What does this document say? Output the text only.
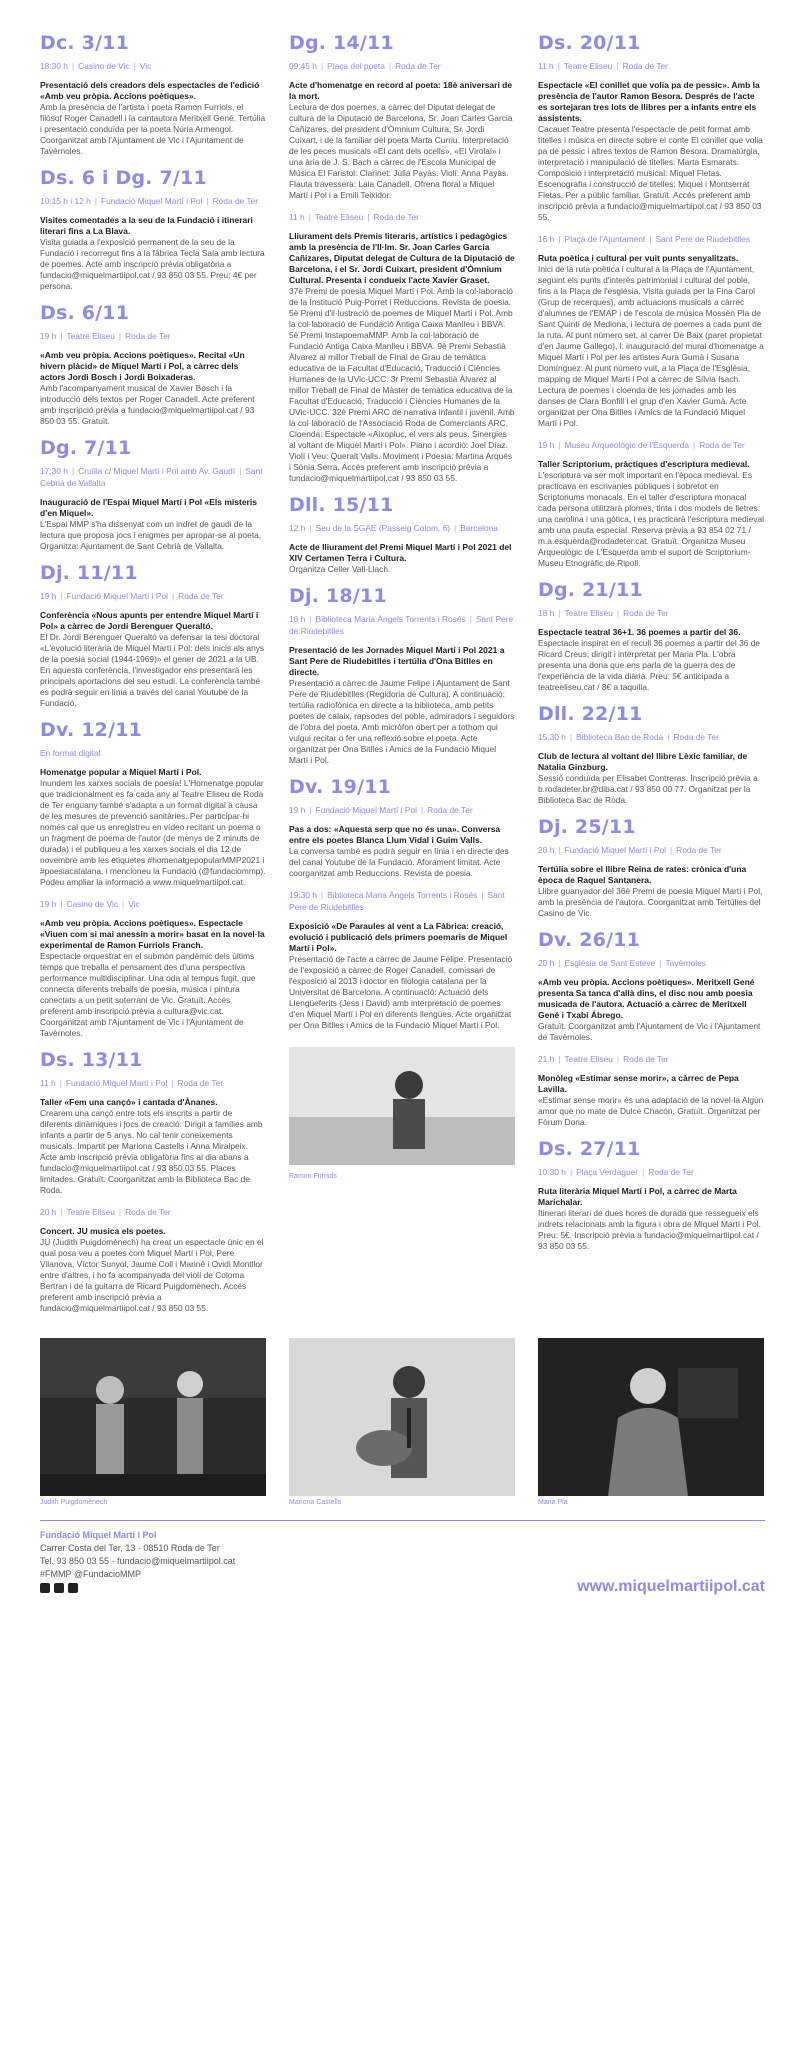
Dc. 3/11
18:30 h | Casino de Vic | Vic

Presentació dels creadors dels espectacles de l'edició «Amb veu pròpia. Accions poètiques».

Amb la presència de l'artista i poeta Ramon Furriols, el filòsof Roger Canadell i la cantautora Meritxell Gené. Tertúlia i presentació conduïda per la poeta Núria Armengol. Coorganitzat amb l'Ajuntament de Vic i l'Ajuntament de Tavèrnoles.

Ds. 6 i Dg. 7/11
10:15 h i 12 h | Fundació Miquel Martí i Pol | Roda de Ter

Visites comentades a la seu de la Fundació i itinerari literari fins a La Blava.

Visita guiada a l'exposició permanent de la seu de la Fundació i recorregut fins a la fàbrica Tecla Sala amb lectura de poemes. Acte amb inscripció prèvia obligatòria a fundacio@miquelmartiipol.cat / 93 850 03 55. Preu: 4€ per persona.

Ds. 6/11
19 h | Teatre Eliseu | Roda de Ter

«Amb veu pròpia. Accions poètiques». Recital «Un hivern plàcid» de Miquel Martí i Pol, a càrrec dels actors Jordi Bosch i Jordi Boixaderas.

Amb l'acompanyament musical de Xavier Bosch i la introducció dels textos per Roger Canadell. Acte preferent amb inscripció prèvia a fundacio@miquelmartiipol.cat / 93 850 03 55. Gratuït.

Dg. 7/11
17:30 h | Cruïlla c/ Miquel Martí i Pol amb Av. Gaudí | Sant Cebrià de Vallalta

Inauguració de l'Espai Miquel Martí i Pol «Els misteris d'en Miquel».

L'Espai MMP s'ha dissenyat com un indret de gaudi de la lectura que proposa jocs i enigmes per apropar-se al poeta. Organitza: Ajuntament de Sant Cebrià de Vallalta.

Dj. 11/11
19 h | Fundació Miquel Martí i Pol | Roda de Ter

Conferència «Nous apunts per entendre Miquel Martí i Pol» a càrrec de Jordi Berenguer Queraltó.

El Dr. Jordi Berenguer Queraltó va defensar la tesi doctoral «L'evolució literària de Miquel Martí i Pol: dels inicis als anys de la poesia social (1944-1969)» el gener de 2021 a la UB. En aquesta conferència, l'investigador ens presentarà les principals aportacions del seu estudi. La conferència també es podrà seguir en línia a través del canal Youtube de la Fundació.

Dv. 12/11
En format digital

Homenatge popular a Miquel Martí i Pol.

Inundem les xarxes socials de poesia! L'Homenatge popular que tradicionalment es fa cada any al Teatre Eliseu de Roda de Ter enguany també s'adapta a un format digital a causa de les mesures de prevenció sanitàries. Per participar-hi només cal que us enregistreu en vídeo recitant un poema o un fragment de poema de l'autor (de menys de 2 minuts de durada) i el publiqueu a les xarxes socials el dia 12 de novembre amb les etiquetes #homenatgepopularMMP2021 i #poesiacatalana, i mencioneu la Fundació (@fundaciommp). Podeu ampliar la informació a www.miquelmartiipol.cat.

19 h | Casino de Vic | Vic

«Amb veu pròpia. Accions poètiques». Espectacle «Viuen com si mai anessin a morir» basat en la novel·la experimental de Ramon Furriols Franch.

Espectacle orquestrat en el submón pandèmic dels últims temps que treballa el pensament des d'una perspectiva performance multidisciplinar. Una oda al tempus fugit, que connecta diferents treballs de poesia, música i pintura conectats a un petit soterrani de Vic. Gratuït. Accés preferent amb inscripció prèvia a cultura@vic.cat. Coorganitzat amb l'Ajuntament de Vic i l'Ajuntament de Tavèrnoles.

Ds. 13/11
11 h | Fundació Miquel Martí i Pol | Roda de Ter

Taller «Fem una cançó» i cantada d'Ànanes.

Crearem una cançó entre tots els inscrits a partir de diferents dinàmiques i jocs de creació. Dirigit a famílies amb infants a partir de 5 anys. No cal tenir coneixements musicals. Impartit per Mariona Castells i Anna Miralpeix. Acte amb inscripció prèvia obligatòria fins al dia abans a fundacio@miquelmartiipol.cat / 93 850 03 55. Places limitades. Gratuït. Coorganitzat amb la Biblioteca Bac de Roda.

20 h | Teatre Eliseu | Roda de Ter

Concert. JU musica els poetes.

JU (Judith Puigdomènech) ha creat un espectacle únic en el qual posa veu a poetes com Miquel Martí i Pol, Pere Vilanova, Víctor Sunyol, Jaume Coll i Mariné i Ovidi Montllor entre d'altres, i ho fa acompanyada del violí de Coloma Bertran i de la guitarra de Ricard Puigdomènech. Accés preferent amb inscripció prèvia a fundacio@miquelmartiipol.cat / 93 850 03 55.

Dg. 14/11
09:45 h | Plaça del poeta | Roda de Ter

Acte d'homenatge en record al poeta: 18è aniversari de la mort.

Lectura de dos poemes, a càrrec del Diputat delegat de cultura de la Diputació de Barcelona, Sr. Joan Carles Garcia Cañizares, del president d'Òmnium Cultura, Sr. Jordi Cuixart, i de la familiar del poeta Marta Curriu. Interpretació de les peces musicals «El cant dels ocells», «El Virolai» i una ària de J. S. Bach a càrrec de l'Escola Municipal de Música El Faristol: Clarinet: Júlia Payàs. Violí: Anna Payàs. Flauta travessera: Laia Canadell. Ofrena floral a Miquel Martí i Pol i a Emili Teixidor.

11 h | Teatre Eliseu | Roda de Ter

Lliurament dels Premis literaris, artístics i pedagògics amb la presència de l'Il·lm. Sr. Joan Carles Garcia Cañizares, Diputat delegat de Cultura de la Diputació de Barcelona, i el Sr. Jordi Cuixart, president d'Òmnium Cultural. Presenta i condueix l'acte Xavier Graset.

37è Premi de poesia Miquel Martí i Pol. Amb la col·laboració de la Institució Puig-Porret i Reduccions. Revista de poesia. 5è Premi d'il·lustració de poemes de Miquel Martí i Pol. Amb la col·laboració de Fundació Antiga Caixa Manlleu i BBVA. 5è Premi InstapoemaMMP. Amb la col·laboració de Fundació Antiga Caixa Manlleu i BBVA. 9è Premi Sebastià Àlvarez al millor Treball de Final de Grau de temàtica educativa de la Facultat d'Educació, Traducció i Ciències Humanes de la UVic-UCC. 3r Premi Sebastià Àlvarez al millor Treball de Final de Màster de temàtica educativa de la Facultat d'Educació, Traducció i Ciències Humanes de la UVic-UCC. 32è Premi ARC de narrativa infantil i juvenil. Amb la col·laboració de l'Associació Roda de Comerciants ARC. Cloenda: Espectacle «Aixopluc, el vers als peus. Sinergies al voltant de Miquel Martí i Pol». Piano i acordió: Joel Díaz. Violí i Veu: Queralt Valls. Moviment i Poesia: Martina Arqués i Sònia Serra. Accés preferent amb inscripció prèvia a fundacio@miquelmartiipol.cat / 93 850 03 55.

Dll. 15/11
12 h | Seu de la SGAE (Passeig Colom, 6) | Barcelona

Acte de lliurament del Premi Miquel Martí i Pol 2021 del XIV Certamen Terra i Cultura.

Organitza Celler Vall-Llach.

Dj. 18/11
18 h | Biblioteca Maria Àngels Torrents i Rosés | Sant Pere de Riudebitlles

Presentació de les Jornades Miquel Martí i Pol 2021 a Sant Pere de Riudebitlles i tertúlia d'Ona Bitlles en directe.

Presentació a càrrec de Jaume Felipe i Ajuntament de Sant Pere de Riudebitlles (Regidoria de Cultura). A continuació: tertúlia radiofònica en directe a la biblioteca, amb petits poetes de calaix, rapsodes del poble, admiradors i seguidors de l'obra del poeta. Amb micròfon obert per a tothom qui vulgui recitar o fer una reflexió sobre el poeta. Acte organitzat per Ona Bitlles i Amics de la Fundació Miquel Martí i Pol.

Dv. 19/11
19 h | Fundació Miquel Martí i Pol | Roda de Ter

Pas a dos: «Aquesta serp que no és una». Conversa entre els poetes Blanca Llum Vidal i Guim Valls.

La conversa també es podrà seguir en línia i en directe des del canal Youtube de la Fundació. Aforament limitat. Acte coorganitzat amb Reduccions. Revista de poesia.

19:30 h | Biblioteca Maria Àngels Torrents i Rosés | Sant Pere de Riudebitlles

Exposició «De Paraules al vent a La Fàbrica: creació, evolució i publicació dels primers poemaris de Miquel Martí i Pol».

Presentació de l'acte a càrrec de Jaume Felipe. Presentació de l'exposició a càrrec de Roger Canadell, comissari de l'exposició al 2013 i doctor en filologia catalana per la Universitat de Barcelona. A continuació: Actuació dels Llengüeferits (Jess i David) amb interpretació de poemes d'en Miquel Martí i Pol en diferents llengües. Acte organitzat per Ona Bitlles i Amics de la Fundació Miquel Martí i Pol.

Ramon Furriols
Ds. 20/11
11 h | Teatre Eliseu | Roda de Ter

Espectacle «El conillet que volia pa de pessic». Amb la presència de l'autor Ramon Besora. Després de l'acte es sortejaran tres lots de llibres per a infants entre els assistents.

Cacauet Teatre presenta l'espectacle de petit format amb titelles i música en directe sobre el conte El conillet que volia pa de pessic i altres textos de Ramon Besora. Dramatúrgia, interpretació i manipulació de titelles: Marta Esmarats. Composició i interpretació musical: Miquel Fletas. Escenografia i construcció de titelles: Miquel i Montserrat Fletas. Per a públic familiar. Gratuït. Accés preferent amb inscripció prèvia a fundacio@miquelmartiipol.cat / 93 850 03 55.

16 h | Plaça de l'Ajuntament | Sant Pere de Riudebitlles

Ruta poètica i cultural per vuit punts senyalitzats.

Inici de la ruta poètica i cultural a la Plaça de l'Ajuntament, seguint els punts d'interès patrimonial i cultural del poble, fins a la Plaça de l'església. Visita guiada per la Fina Carol (Grup de recerques), amb actuacions musicals a càrrec d'alumnes de l'EMAP i de l'escola de música Mossèn Pla de Sant Quintí de Mediona, i lectura de poemes a cada punt de la ruta. Al punt número set, al carrer De Baix (paret propietat d'en Jaume Gallego), l. inauguració del mural d'homenatge a Miquel Martí i Pol per les artistes Aura Gumà i Susana Domínguez. Al punt número vuit, a la Plaça de l'Església, mapping de Miquel Martí i Pol a càrrec de Sílvia Isach. Lectura de poemes i cloenda de les jornades amb les danses de Clara Bonfill i el grup d'en Xavier Gumà. Acte organitzat per Ona Bitlles i Amics de la Fundació Miquel Martí i Pol.

19 h | Museu Arqueològic de l'Esquerda | Roda de Ter

Taller Scriptorium, pràctiques d'escriptura medieval.

L'escriptura va ser molt important en l'època medieval. Es practicava en escrivanies públiques i sobretot en Scriptoriums monacals. En el taller d'escriptura monacal cada persona utilitzarà plomes, tinta i dos models de lletres: una carolina i una gòtica, i es practicarà l'escriptura medieval amb una pauta especial. Reserva prèvia a 93 854 02 71 / m.a.esquerda@rodadeter.cat. Gratuït. Organitza Museu Arqueològic de L'Esquerda amb el suport de Scriptorium-Museu Etnogràfic de Ripoll.

Dg. 21/11
18 h | Teatre Eliseu | Roda de Ter

Espectacle teatral 36+1. 36 poemes a partir del 36.

Espectacle inspirat en el recull 36 poemes a partir del 36 de Ricard Creus, dirigit i interpretat per Maria Pla. L'obra presenta una dona que ens parla de la guerra des de l'experiència de la vida diària. Preu: 5€ anticipada a teatreeliseu.cat / 8€ a taquilla.

Dll. 22/11
15:30 h | Biblioteca Bac de Roda | Roda de Ter

Club de lectura al voltant del llibre Lèxic familiar, de Natalia Ginzburg.

Sessió conduïda per Elisabet Contreras. Inscripció prèvia a b.rodadeter.br@diba.cat / 93 850 00 77. Organitzat per la Biblioteca Bac de Roda.

Dj. 25/11
20 h | Fundació Miquel Martí i Pol | Roda de Ter

Tertúlia sobre el llibre Reina de rates: crònica d'una època de Raquel Santanera.

Llibre guanyador del 36è Premi de poesia Miquel Martí i Pol, amb la presència de l'autora. Coorganitzat amb Tertúlies del Casino de Vic.

Dv. 26/11
20 h | Església de Sant Esteve | Tavèrnoles

«Amb veu pròpia. Accions poètiques». Meritxell Gené presenta Sa tanca d'allà dins, el disc nou amb poesia musicada de l'autora. Actuació a càrrec de Meritxell Gené i Txabi Ábrego.

Gratuït. Coorganitzat amb l'Ajuntament de Vic i l'Ajuntament de Tavèrnoles.

21 h | Teatre Eliseu | Roda de Ter

Monòleg «Estimar sense morir», a càrrec de Pepa Lavilla.

«Estimar sense morir» és una adaptació de la novel·la Algún amor que no mate de Dulce Chacón. Gratuït. Organitzat per Fòrum Dona.

Ds. 27/11
10:30 h | Plaça Verdaguer | Roda de Ter

Ruta literària Miquel Martí i Pol, a càrrec de Marta Marichalar.

Itinerari literari de dues hores de durada que ressegueix els indrets relacionats amb la figura i obra de Miquel Martí i Pol. Preu: 5€. Inscripció prèvia a fundacio@miquelmartiipol.cat / 93 850 03 55.

Judith Puigdomènech	Mariona Castells	Maria Pla
Fundació Miquel Martí i Pol
Carrer Costa del Ter, 13 · 08510 Roda de Ter
Tel. 93 850 03 55 · fundacio@miquelmartiipol.cat
#FMMP @FundacioMMP
www.miquelmartiipol.cat
